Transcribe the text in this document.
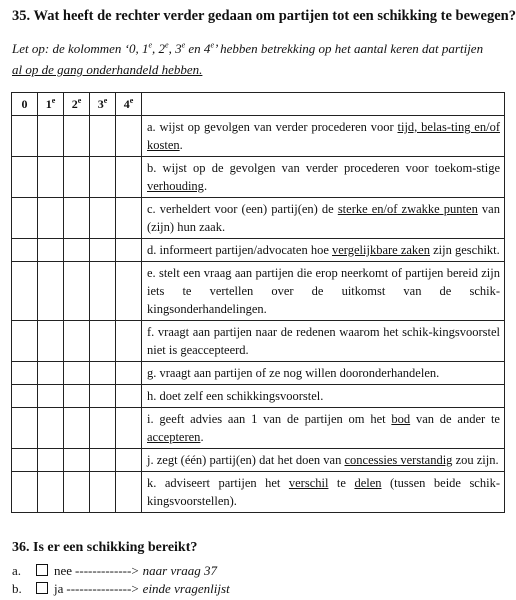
35. Wat heeft de rechter verder gedaan om partijen tot een schikking te bewegen?
Let op: de kolommen ‘0, 1e, 2e, 3e en 4e’ hebben betrekking op het aantal keren dat partijen
al op de gang onderhandeld hebben.
0	1e	2e	3e	4e	
					a. wijst op gevolgen van verder procederen voor tijd, belas-ting en/of kosten.
					b. wijst op de gevolgen van verder procederen voor toekom-stige verhouding.
					c. verheldert voor (een) partij(en) de sterke en/of zwakke punten van (zijn) hun zaak.
					d. informeert partijen/advocaten hoe vergelijkbare zaken zijn geschikt.
					e. stelt een vraag aan partijen die erop neerkomt of partijen bereid zijn iets te vertellen over de uitkomst van de schik-kingsonderhandelingen.
					f. vraagt aan partijen naar de redenen waarom het schik-kingsvoorstel niet is geaccepteerd.
					g. vraagt aan partijen of ze nog willen dooronderhandelen.
					h. doet zelf een schikkingsvoorstel.
					i. geeft advies aan 1 van de partijen om het bod van de ander te accepteren.
					j. zegt (één) partij(en) dat het doen van concessies verstandig zou zijn.
					k. adviseert partijen het verschil te delen (tussen beide schik-kingsvoorstellen).
36. Is er een schikking bereikt?
a.	nee -------------> naar vraag 37
b. ja ---------------> einde vragenlijst
